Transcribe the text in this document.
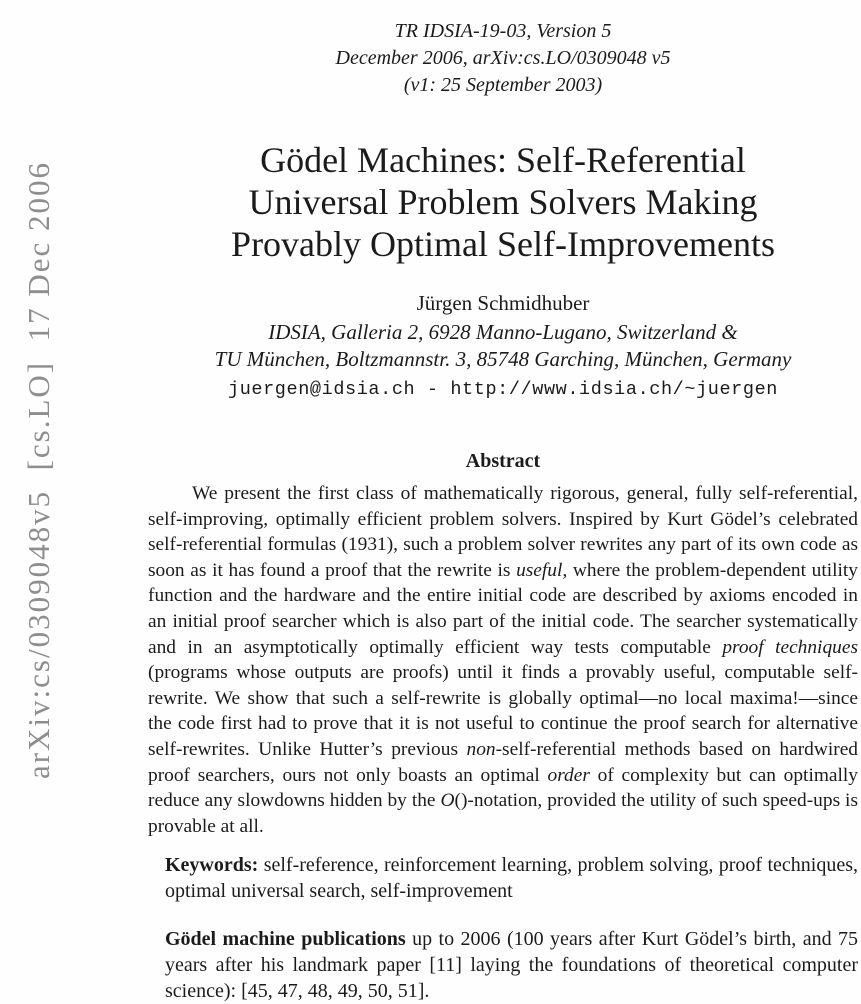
arXiv:cs/0309048v5  [cs.LO]  17 Dec 2006
TR IDSIA-19-03, Version 5
December 2006, arXiv:cs.LO/0309048 v5
(v1: 25 September 2003)
Gödel Machines: Self-Referential
Universal Problem Solvers Making
Provably Optimal Self-Improvements
Jürgen Schmidhuber
IDSIA, Galleria 2, 6928 Manno-Lugano, Switzerland &
TU München, Boltzmannstr. 3, 85748 Garching, München, Germany
juergen@idsia.ch - http://www.idsia.ch/~juergen
Abstract

We present the first class of mathematically rigorous, general, fully self-referential, self-improving, optimally efficient problem solvers. Inspired by Kurt Gödel’s celebrated self-referential formulas (1931), such a problem solver rewrites any part of its own code as soon as it has found a proof that the rewrite is useful, where the problem-dependent utility function and the hardware and the entire initial code are described by axioms encoded in an initial proof searcher which is also part of the initial code. The searcher systematically and in an asymptotically optimally efficient way tests computable proof techniques (programs whose outputs are proofs) until it finds a provably useful, computable self-rewrite. We show that such a self-rewrite is globally optimal—no local maxima!—since the code first had to prove that it is not useful to continue the proof search for alternative self-rewrites. Unlike Hutter’s previous non-self-referential methods based on hardwired proof searchers, ours not only boasts an optimal order of complexity but can optimally reduce any slowdowns hidden by the O()-notation, provided the utility of such speed-ups is provable at all.

Keywords: self-reference, reinforcement learning, problem solving, proof techniques, optimal universal search, self-improvement

Gödel machine publications up to 2006 (100 years after Kurt Gödel’s birth, and 75 years after his landmark paper [11] laying the foundations of theoretical computer science): [45, 47, 48, 49, 50, 51].
